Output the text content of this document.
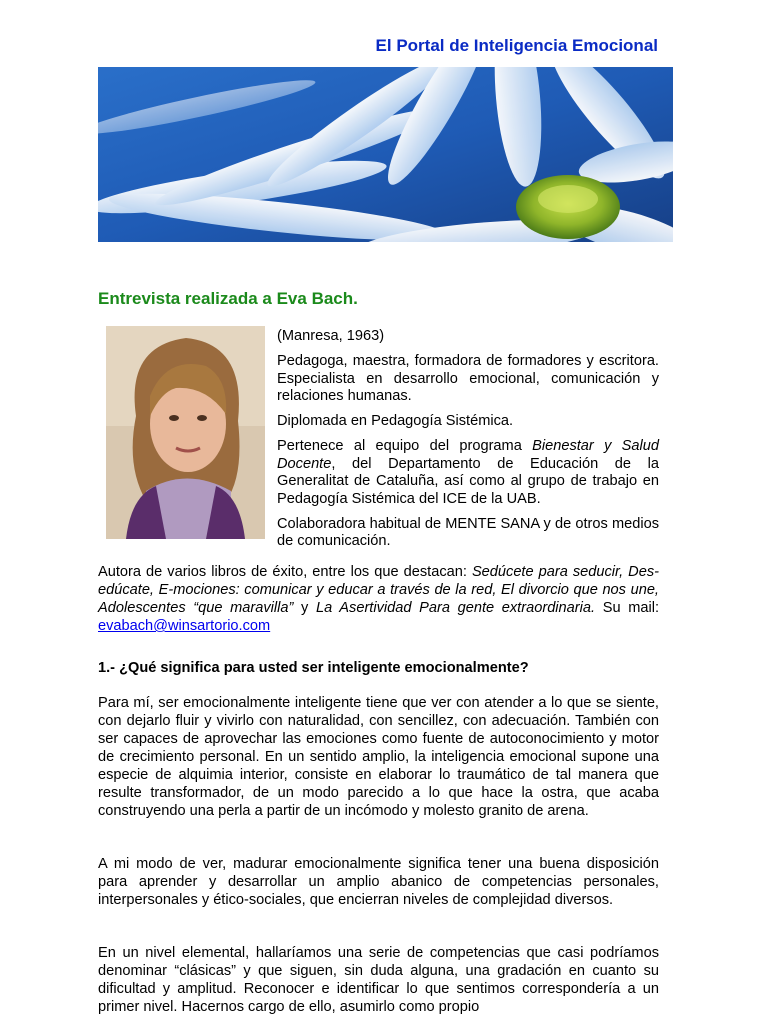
El Portal de Inteligencia Emocional
Entrevista realizada a Eva Bach.

(Manresa, 1963)

Pedagoga, maestra, formadora de formadores y escritora. Especialista en desarrollo emocional, comunicación y relaciones humanas.

Diplomada en Pedagogía Sistémica.

Pertenece al equipo del programa Bienestar y Salud Docente, del Departamento de Educación de la Generalitat de Cataluña, así como al grupo de trabajo en Pedagogía Sistémica del ICE de la UAB.

Colaboradora habitual de MENTE SANA y de otros medios de comunicación.

Autora de varios libros de éxito, entre los que destacan: Sedúcete para seducir, Des-edúcate, E-mociones: comunicar y educar a través de la red, El divorcio que nos une, Adolescentes “que maravilla” y La Asertividad Para gente extraordinaria. Su mail: evabach@winsartorio.com
1.- ¿Qué significa para usted ser inteligente emocionalmente?
Para mí, ser emocionalmente inteligente tiene que ver con atender a lo que se siente, con dejarlo fluir y vivirlo con naturalidad, con sencillez, con adecuación. También con ser capaces de aprovechar las emociones como fuente de autoconocimiento y motor de crecimiento personal. En un sentido amplio, la inteligencia emocional supone una especie de alquimia interior, consiste en elaborar lo traumático de tal manera que resulte transformador, de un modo parecido a lo que hace la ostra, que acaba construyendo una perla a partir de un incómodo y molesto granito de arena.
A mi modo de ver, madurar emocionalmente significa tener una buena disposición para aprender y desarrollar un amplio abanico de competencias personales, interpersonales y ético-sociales, que encierran niveles de complejidad diversos.
En un nivel elemental, hallaríamos una serie de competencias que casi podríamos denominar “clásicas” y que siguen, sin duda alguna, una gradación en cuanto su dificultad y amplitud. Reconocer e identificar lo que sentimos correspondería a un primer nivel. Hacernos cargo de ello, asumirlo como propio
